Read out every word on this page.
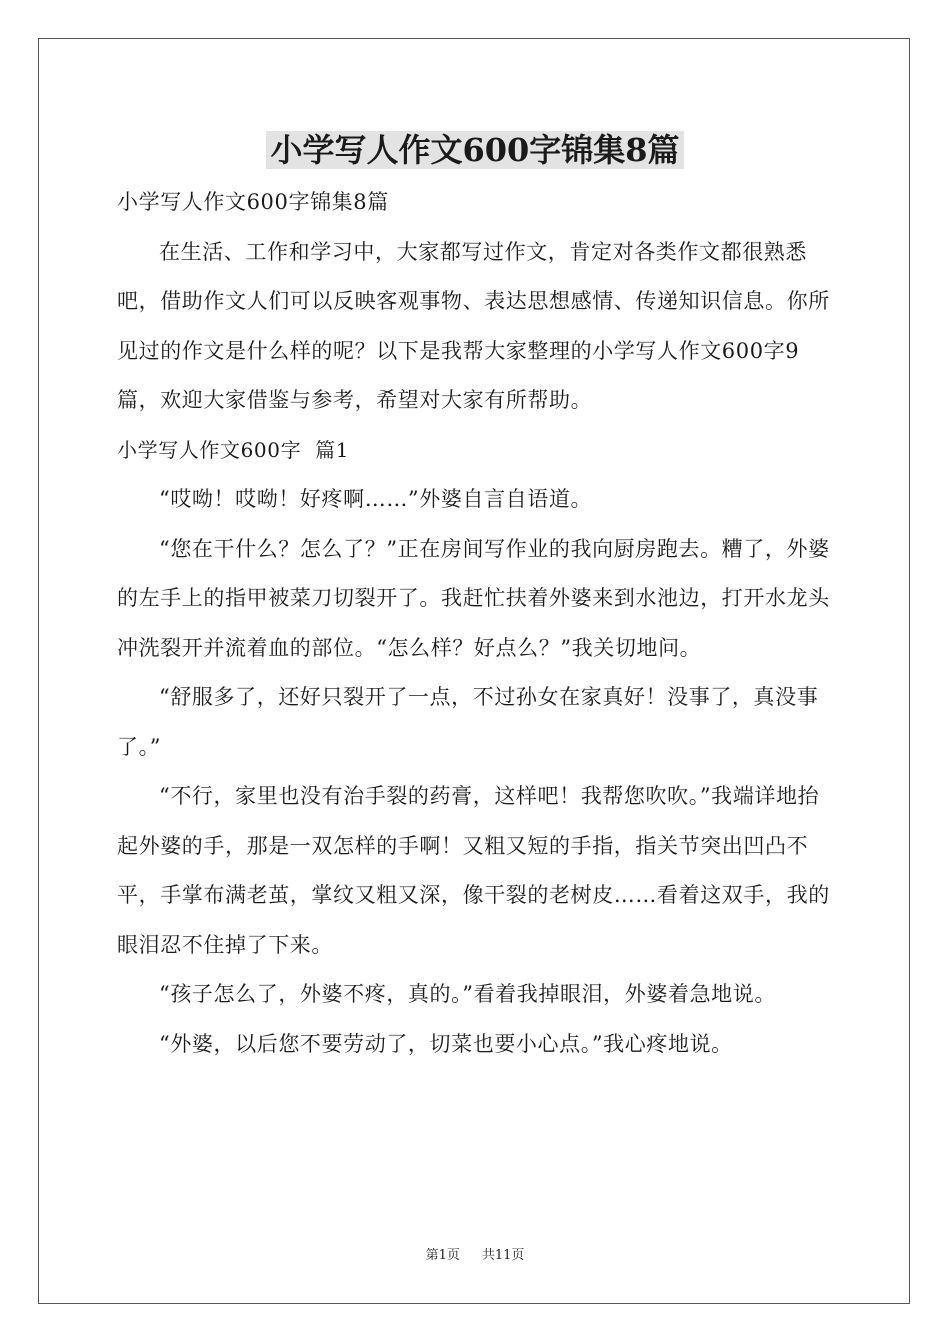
小学写人作文600字锦集8篇

小学写人作文600字锦集8篇

在生活、工作和学习中，大家都写过作文，肯定对各类作文都很熟悉吧，借助作文人们可以反映客观事物、表达思想感情、传递知识信息。你所见过的作文是什么样的呢？以下是我帮大家整理的小学写人作文600字9篇，欢迎大家借鉴与参考，希望对大家有所帮助。

小学写人作文600字  篇1

“哎呦！哎呦！好疼啊……”外婆自言自语道。

“您在干什么？怎么了？”正在房间写作业的我向厨房跑去。糟了，外婆的左手上的指甲被菜刀切裂开了。我赶忙扶着外婆来到水池边，打开水龙头冲洗裂开并流着血的部位。“怎么样？好点么？”我关切地问。

“舒服多了，还好只裂开了一点，不过孙女在家真好！没事了，真没事了。”

“不行，家里也没有治手裂的药膏，这样吧！我帮您吹吹。”我端详地抬起外婆的手，那是一双怎样的手啊！又粗又短的手指，指关节突出凹凸不平，手掌布满老茧，掌纹又粗又深，像干裂的老树皮……看着这双手，我的眼泪忍不住掉了下来。

“孩子怎么了，外婆不疼，真的。”看着我掉眼泪，外婆着急地说。

“外婆，以后您不要劳动了，切菜也要小心点。”我心疼地说。

第1页 共11页
